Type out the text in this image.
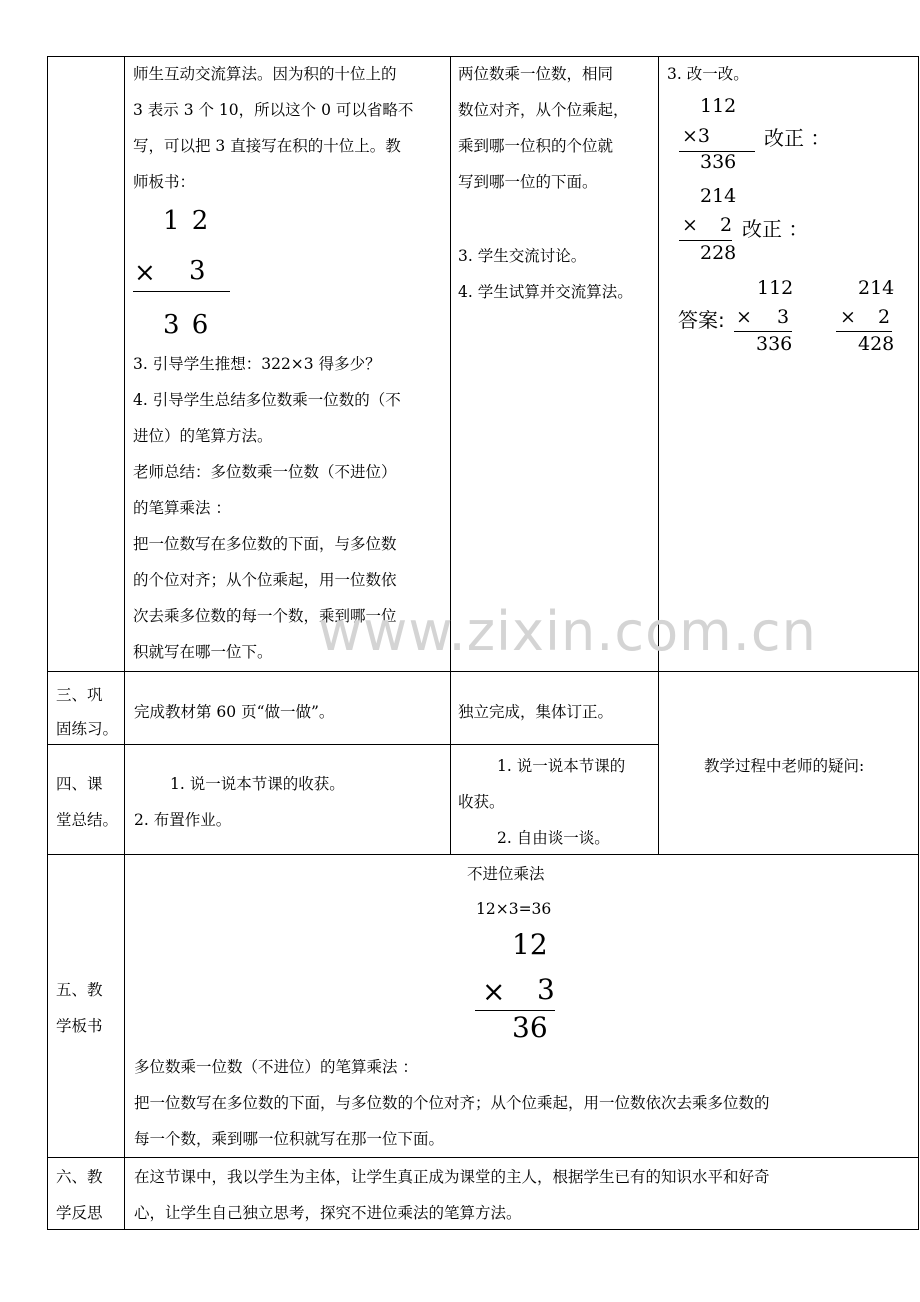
师生互动交流算法。因为积的十位上的
3 表示 3 个 10，所以这个 0 可以省略不
写，可以把 3 直接写在积的十位上。教
师板书：
1 2
× 3
3 6
3. 引导学生推想：322×3 得多少？
4. 引导学生总结多位数乘一位数的（不
进位）的笔算方法。
老师总结：多位数乘一位数（不进位）
的笔算乘法 ：
把一位数写在多位数的下面，与多位数
的个位对齐；从个位乘起，用一位数依
次去乘多位数的每一个数，乘到哪一位
积就写在哪一位下。
两位数乘一位数，相同
数位对齐，从个位乘起，
乘到哪一位积的个位就
写到哪一位的下面。
3. 学生交流讨论。
4. 学生试算并交流算法。
3. 改一改。
112
×3
336
改正 ：
214
× 2
228
改正 ：
答案:
112
× 3
336
214
× 2
428
三、巩
固练习。
完成教材第 60 页“做一做”。	独立完成，集体订正。
四、课
堂总结。
1. 说一说本节课的收获。
2. 布置作业。
1. 说一说本节课的
收获。
2. 自由谈一谈。
教学过程中老师的疑问:
五、教
学板书
不进位乘法
12×3=36
12
× 3
36
多位数乘一位数（不进位）的笔算乘法 ：
把一位数写在多位数的下面，与多位数的个位对齐；从个位乘起，用一位数依次去乘多位数的
每一个数，乘到哪一位积就写在那一位下面。
六、教
学反思
在这节课中，我以学生为主体，让学生真正成为课堂的主人，根据学生已有的知识水平和好奇
心，让学生自己独立思考，探究不进位乘法的笔算方法。
www.zixin.com.cn
